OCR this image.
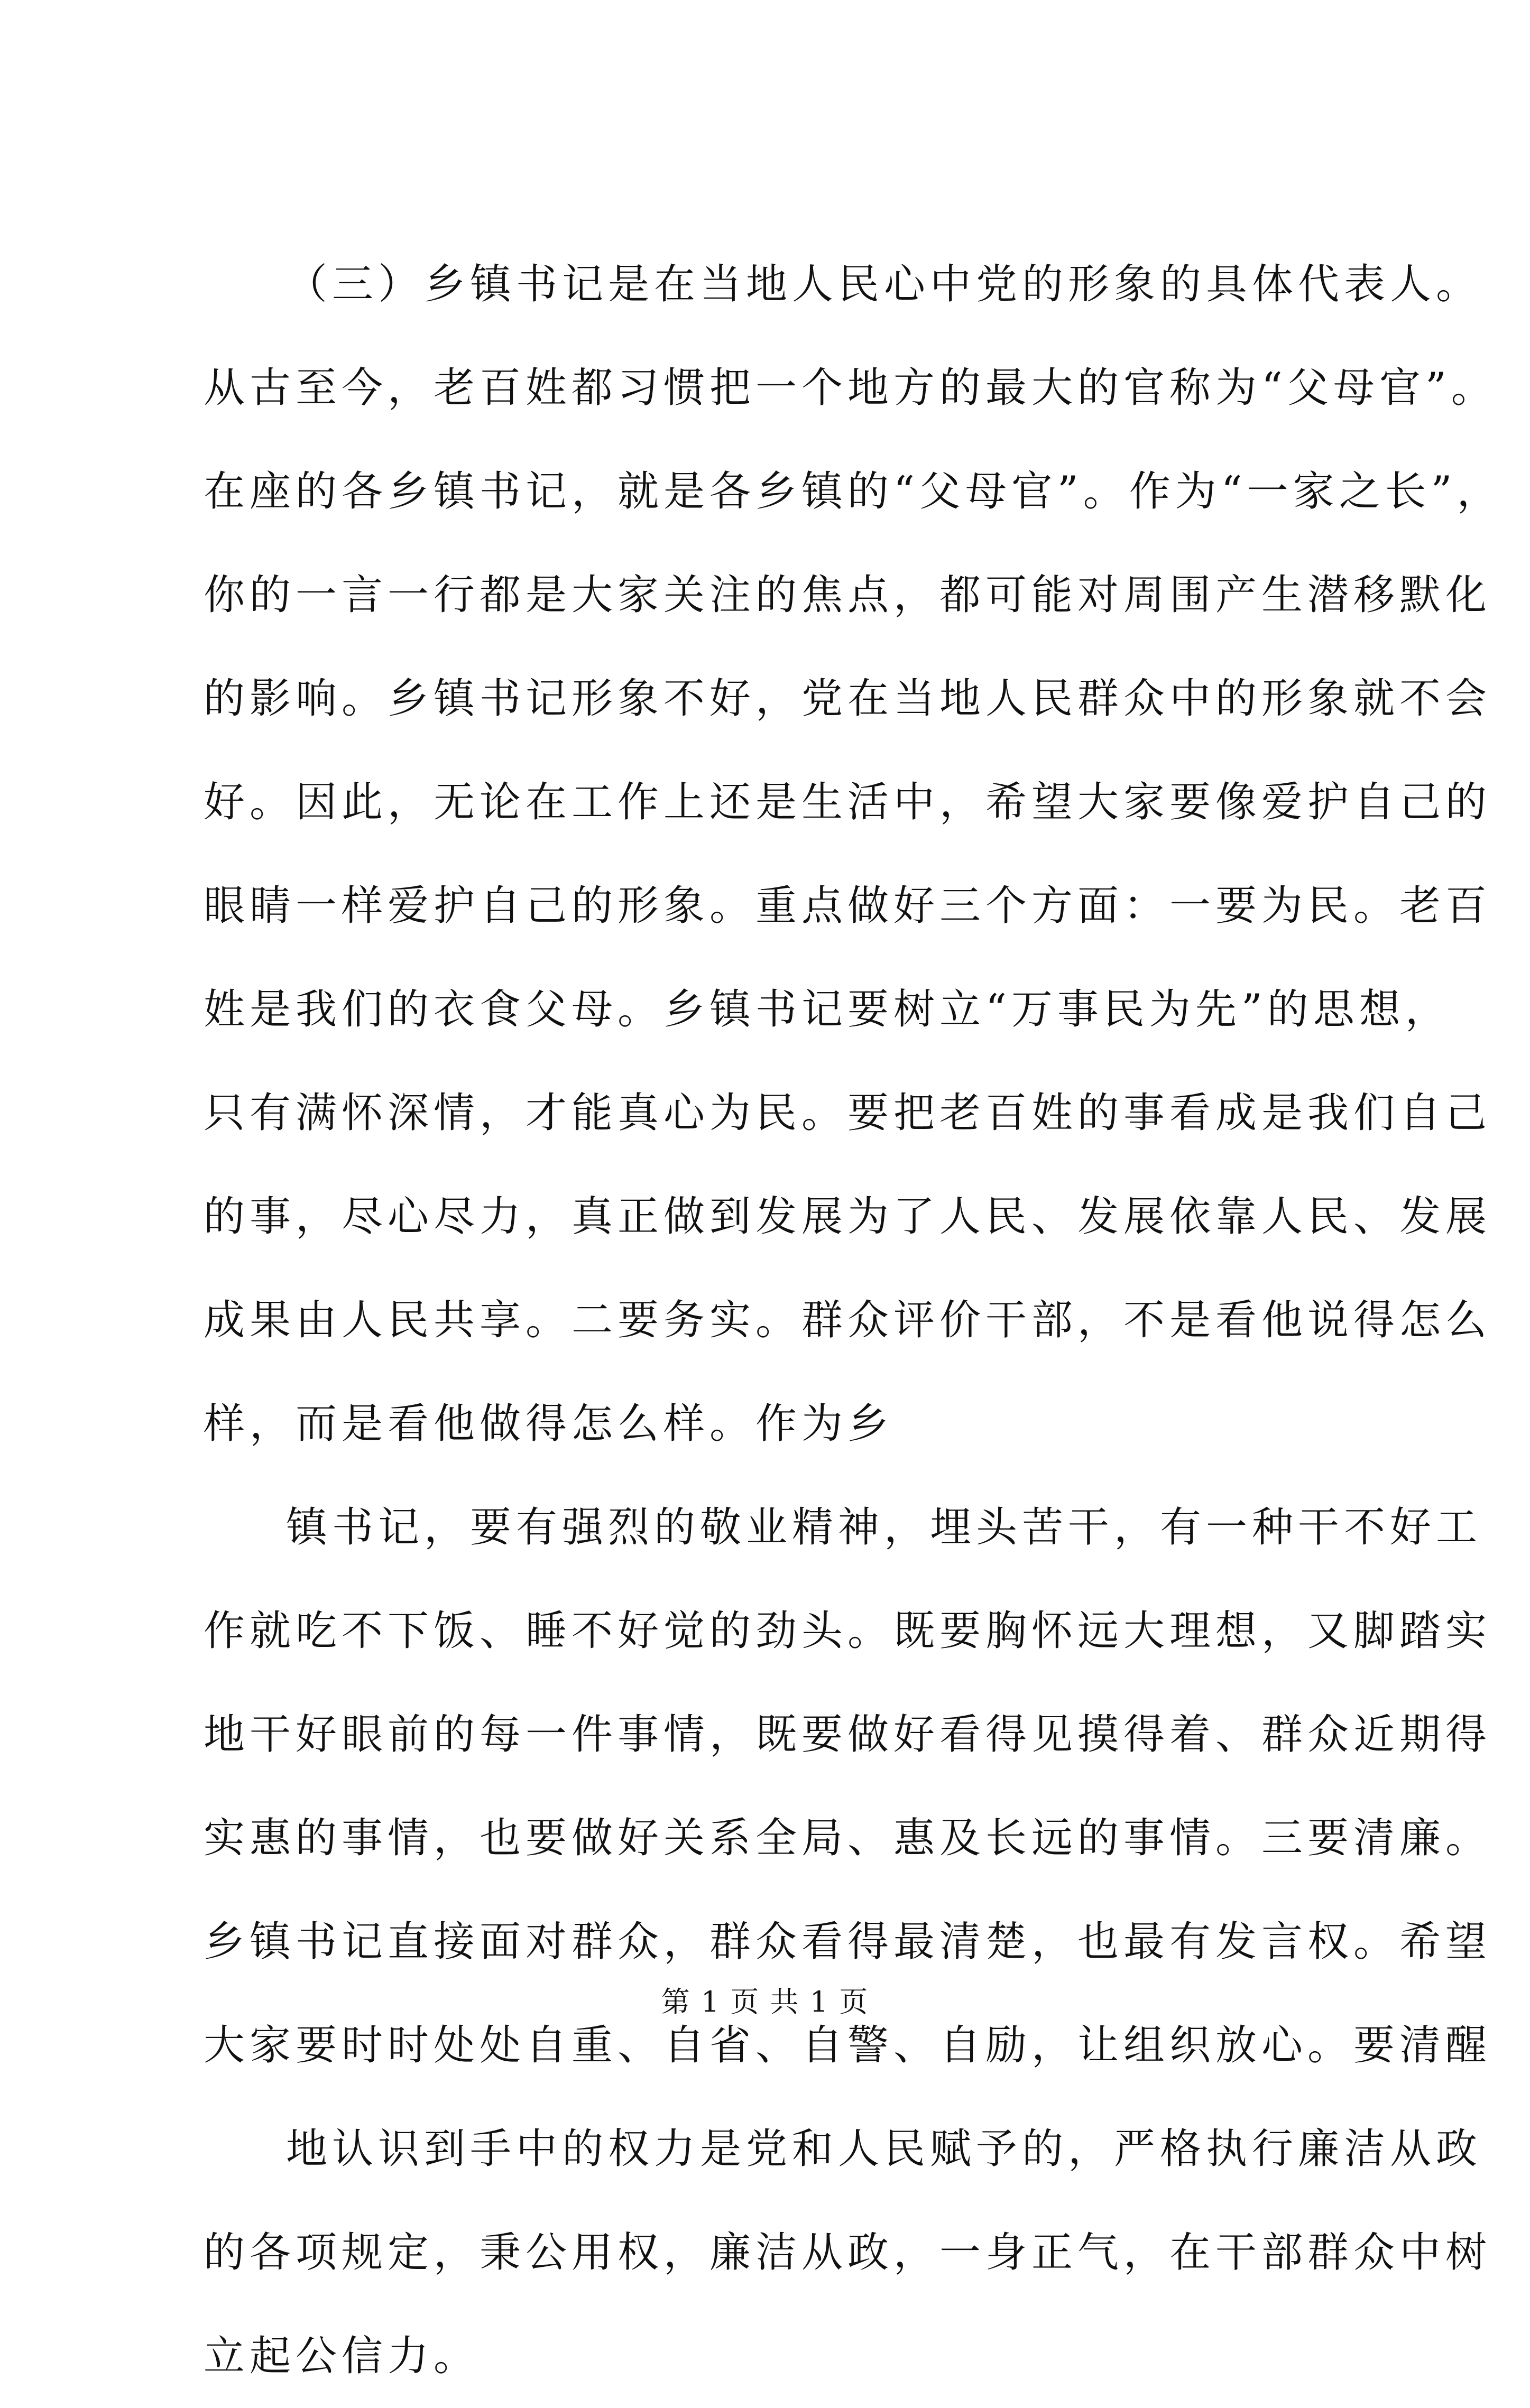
（三）乡镇书记是在当地人民心中党的形象的具体代表人。
从古至今，老百姓都习惯把一个地方的最大的官称为“父母官”。
在座的各乡镇书记，就是各乡镇的“父母官”。作为“一家之长”，
你的一言一行都是大家关注的焦点，都可能对周围产生潜移默化
的影响。乡镇书记形象不好，党在当地人民群众中的形象就不会
好。因此，无论在工作上还是生活中，希望大家要像爱护自己的
眼睛一样爱护自己的形象。重点做好三个方面：一要为民。老百
姓是我们的衣食父母。乡镇书记要树立“万事民为先”的思想，
只有满怀深情，才能真心为民。要把老百姓的事看成是我们自己
的事，尽心尽力，真正做到发展为了人民、发展依靠人民、发展
成果由人民共享。二要务实。群众评价干部，不是看他说得怎么
样，而是看他做得怎么样。作为乡
镇书记，要有强烈的敬业精神，埋头苦干，有一种干不好工
作就吃不下饭、睡不好觉的劲头。既要胸怀远大理想，又脚踏实
地干好眼前的每一件事情，既要做好看得见摸得着、群众近期得
实惠的事情，也要做好关系全局、惠及长远的事情。三要清廉。
乡镇书记直接面对群众，群众看得最清楚，也最有发言权。希望
大家要时时处处自重、自省、自警、自励，让组织放心。要清醒
地认识到手中的权力是党和人民赋予的，严格执行廉洁从政
的各项规定，秉公用权，廉洁从政，一身正气，在干部群众中树
立起公信力。
第 1 页 共 1 页
